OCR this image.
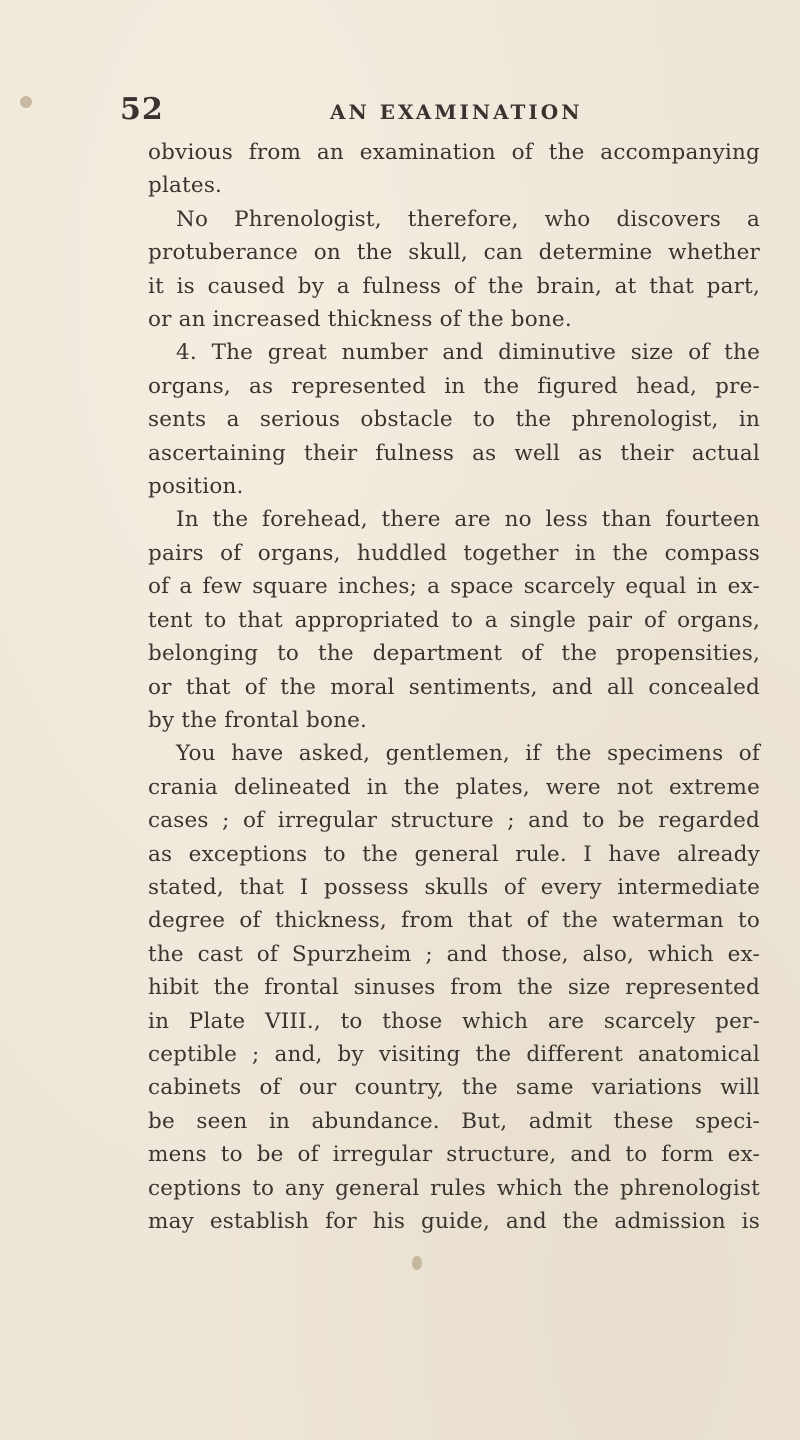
52	AN EXAMINATION
obvious from an examination of the accompanying
plates.
No Phrenologist, therefore, who discovers a
protuberance on the skull, can determine whether
it is caused by a fulness of the brain, at that part,
or an increased thickness of the bone.
4. The great number and diminutive size of the
organs, as represented in the figured head, pre-
sents a serious obstacle to the phrenologist, in
ascertaining their fulness as well as their actual
position.
In the forehead, there are no less than fourteen
pairs of organs, huddled together in the compass
of a few square inches; a space scarcely equal in ex-
tent to that appropriated to a single pair of organs,
belonging to the department of the propensities,
or that of the moral sentiments, and all concealed
by the frontal bone.
You have asked, gentlemen, if the specimens of
crania delineated in the plates, were not extreme
cases ; of irregular structure ; and to be regarded
as exceptions to the general rule. I have already
stated, that I possess skulls of every intermediate
degree of thickness, from that of the waterman to
the cast of Spurzheim ; and those, also, which ex-
hibit the frontal sinuses from the size represented
in Plate VIII., to those which are scarcely per-
ceptible ; and, by visiting the different anatomical
cabinets of our country, the same variations will
be seen in abundance. But, admit these speci-
mens to be of irregular structure, and to form ex-
ceptions to any general rules which the phrenologist
may establish for his guide, and the admission is
